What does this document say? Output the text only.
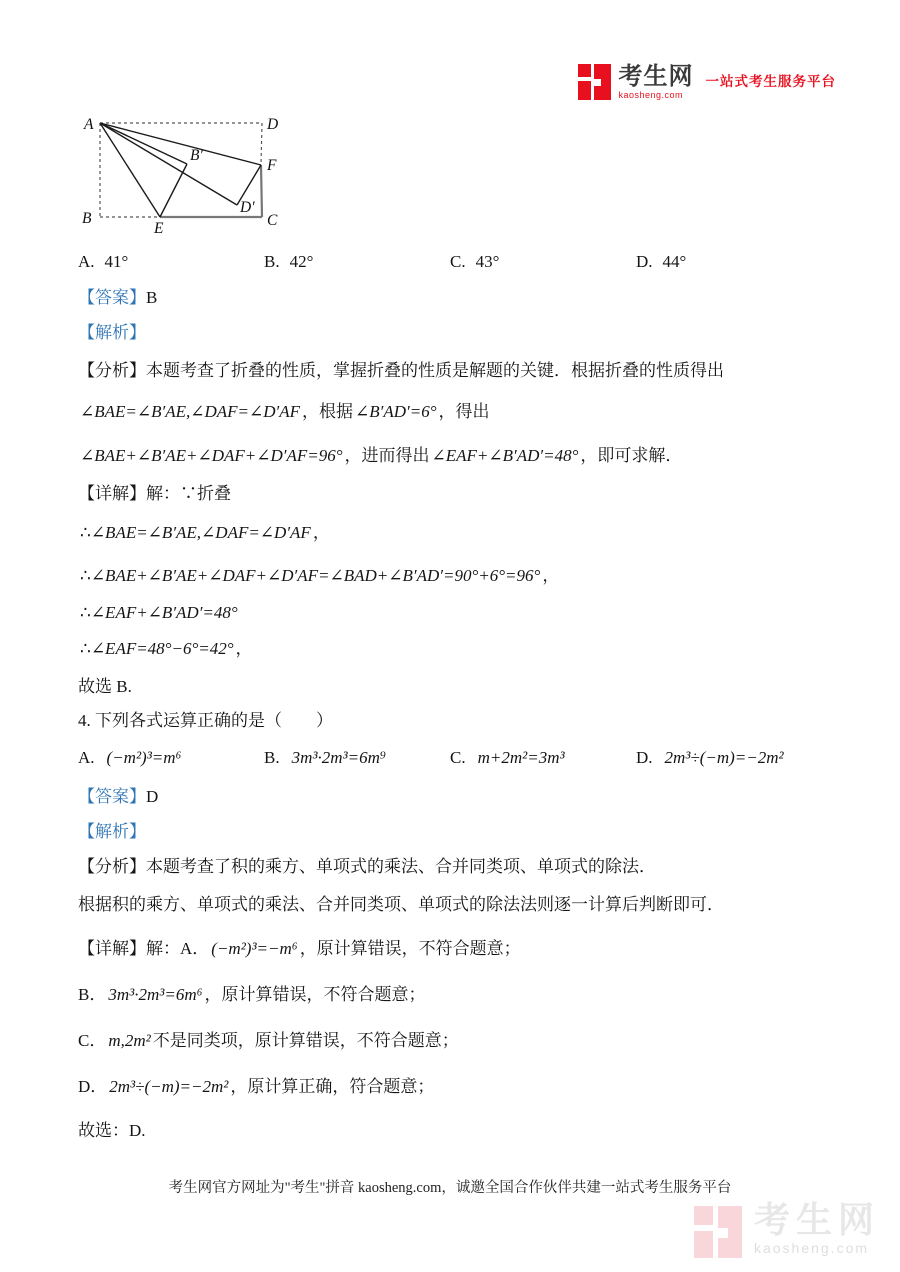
考生网
kaosheng.com
一站式考生服务平台
A	D
B′
F
B
E
D′
C
A. 41°	B. 42°	C. 43°	D. 44°

【答案】B

【解析】

【分析】本题考查了折叠的性质，掌握折叠的性质是解题的关键．根据折叠的性质得出

∠BAE=∠B′AE,∠DAF=∠D′AF ，根据 ∠B′AD′=6° ，得出

∠BAE+∠B′AE+∠DAF+∠D′AF=96° ，进而得出 ∠EAF+∠B′AD′=48° ，即可求解．

【详解】解：∵折叠

∴∠BAE=∠B′AE,∠DAF=∠D′AF ，

∴∠BAE+∠B′AE+∠DAF+∠D′AF=∠BAD+∠B′AD′=90°+6°=96° ，

∴∠EAF+∠B′AD′=48°

∴∠EAF=48°−6°=42° ，

故选 B.

4. 下列各式运算正确的是（　　）

A. (−m²)³=m⁶	B. 3m³·2m³=6m⁹	C. m+2m²=3m³	D. 2m³÷(−m)=−2m²

【答案】D

【解析】

【分析】本题考查了积的乘方、单项式的乘法、合并同类项、单项式的除法．

根据积的乘方、单项式的乘法、合并同类项、单项式的除法法则逐一计算后判断即可．

【详解】解：A． (−m²)³=−m⁶ ，原计算错误，不符合题意；

B． 3m³·2m³=6m⁶ ，原计算错误，不符合题意；

C． m,2m² 不是同类项，原计算错误，不符合题意；

D． 2m³÷(−m)=−2m² ，原计算正确，符合题意；

故选：D.

考生网官方网址为"考生"拼音 kaosheng.com，诚邀全国合作伙伴共建一站式考生服务平台
考生网
kaosheng.com
